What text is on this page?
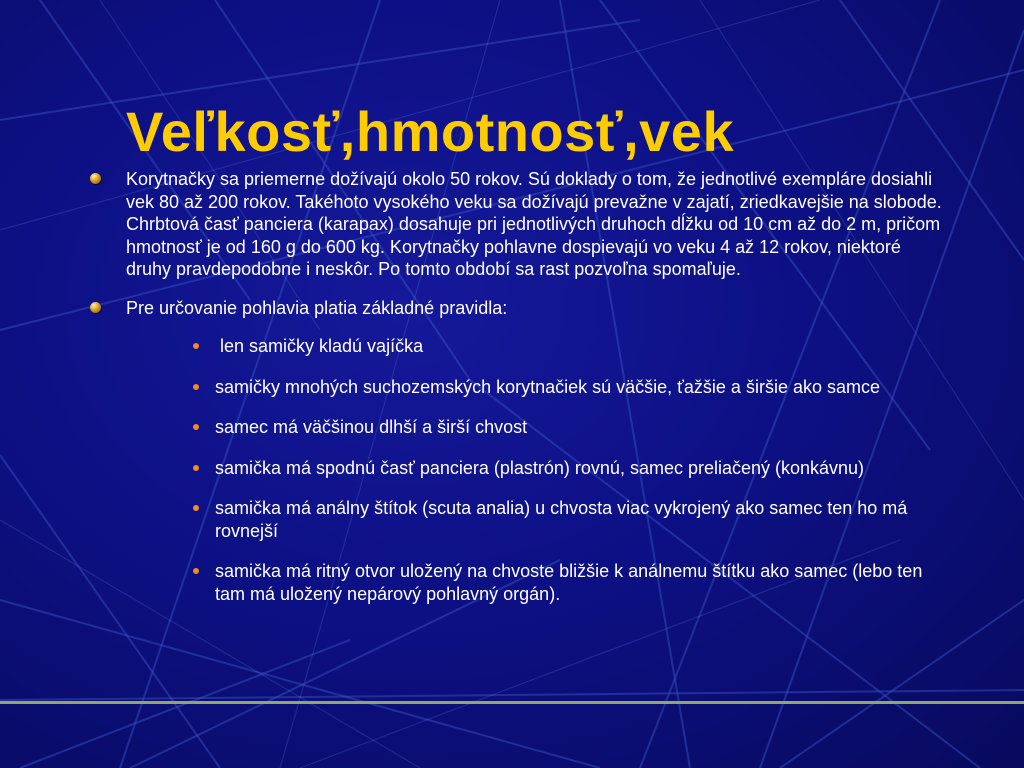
Veľkosť,hmotnosť,vek
Korytnačky sa priemerne dožívajú okolo 50 rokov. Sú doklady o tom, že jednotlivé exempláre dosiahli vek 80 až 200 rokov. Takéhoto vysokého veku sa dožívajú prevažne v zajatí, zriedkavejšie na slobode. Chrbtová časť panciera (karapax) dosahuje pri jednotlivých druhoch dĺžku od 10 cm až do 2 m, pričom hmotnosť je od 160 g do 600 kg. Korytnačky pohlavne dospievajú vo veku 4 až 12 rokov, niektoré druhy pravdepodobne i neskôr. Po tomto období sa rast pozvoľna spomaľuje.
Pre určovanie pohlavia platia základné pravidla:
len samičky kladú vajíčka
samičky mnohých suchozemských korytnačiek sú väčšie, ťažšie a širšie ako samce
samec má väčšinou dlhší a širší chvost
samička má spodnú časť panciera (plastrón) rovnú, samec preliačený (konkávnu)
samička má análny štítok (scuta analia) u chvosta viac vykrojený ako samec ten ho má rovnejší
samička má ritný otvor uložený na chvoste bližšie k análnemu štítku ako samec (lebo ten tam má uložený nepárový pohlavný orgán).
